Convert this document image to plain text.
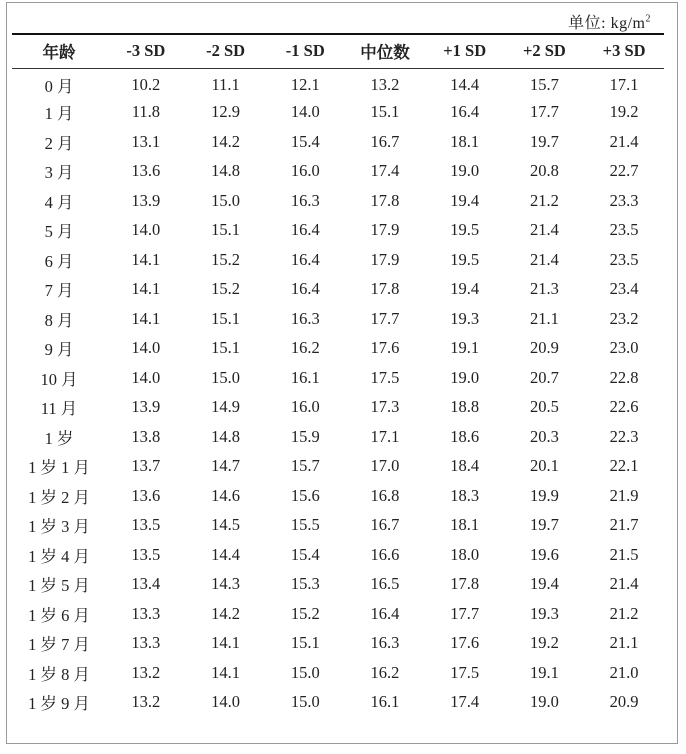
单位: $kg/m^2$
年龄	-3 SD	-2 SD	-1 SD	中位数	+1 SD	+2 SD	+3 SD
0 月	10.2	11.1	12.1	13.2	14.4	15.7	17.1
1 月	11.8	12.9	14.0	15.1	16.4	17.7	19.2
2 月	13.1	14.2	15.4	16.7	18.1	19.7	21.4
3 月	13.6	14.8	16.0	17.4	19.0	20.8	22.7
4 月	13.9	15.0	16.3	17.8	19.4	21.2	23.3
5 月	14.0	15.1	16.4	17.9	19.5	21.4	23.5
6 月	14.1	15.2	16.4	17.9	19.5	21.4	23.5
7 月	14.1	15.2	16.4	17.8	19.4	21.3	23.4
8 月	14.1	15.1	16.3	17.7	19.3	21.1	23.2
9 月	14.0	15.1	16.2	17.6	19.1	20.9	23.0
10 月	14.0	15.0	16.1	17.5	19.0	20.7	22.8
11 月	13.9	14.9	16.0	17.3	18.8	20.5	22.6
1 岁	13.8	14.8	15.9	17.1	18.6	20.3	22.3
1 岁 1 月	13.7	14.7	15.7	17.0	18.4	20.1	22.1
1 岁 2 月	13.6	14.6	15.6	16.8	18.3	19.9	21.9
1 岁 3 月	13.5	14.5	15.5	16.7	18.1	19.7	21.7
1 岁 4 月	13.5	14.4	15.4	16.6	18.0	19.6	21.5
1 岁 5 月	13.4	14.3	15.3	16.5	17.8	19.4	21.4
1 岁 6 月	13.3	14.2	15.2	16.4	17.7	19.3	21.2
1 岁 7 月	13.3	14.1	15.1	16.3	17.6	19.2	21.1
1 岁 8 月	13.2	14.1	15.0	16.2	17.5	19.1	21.0
1 岁 9 月	13.2	14.0	15.0	16.1	17.4	19.0	20.9
